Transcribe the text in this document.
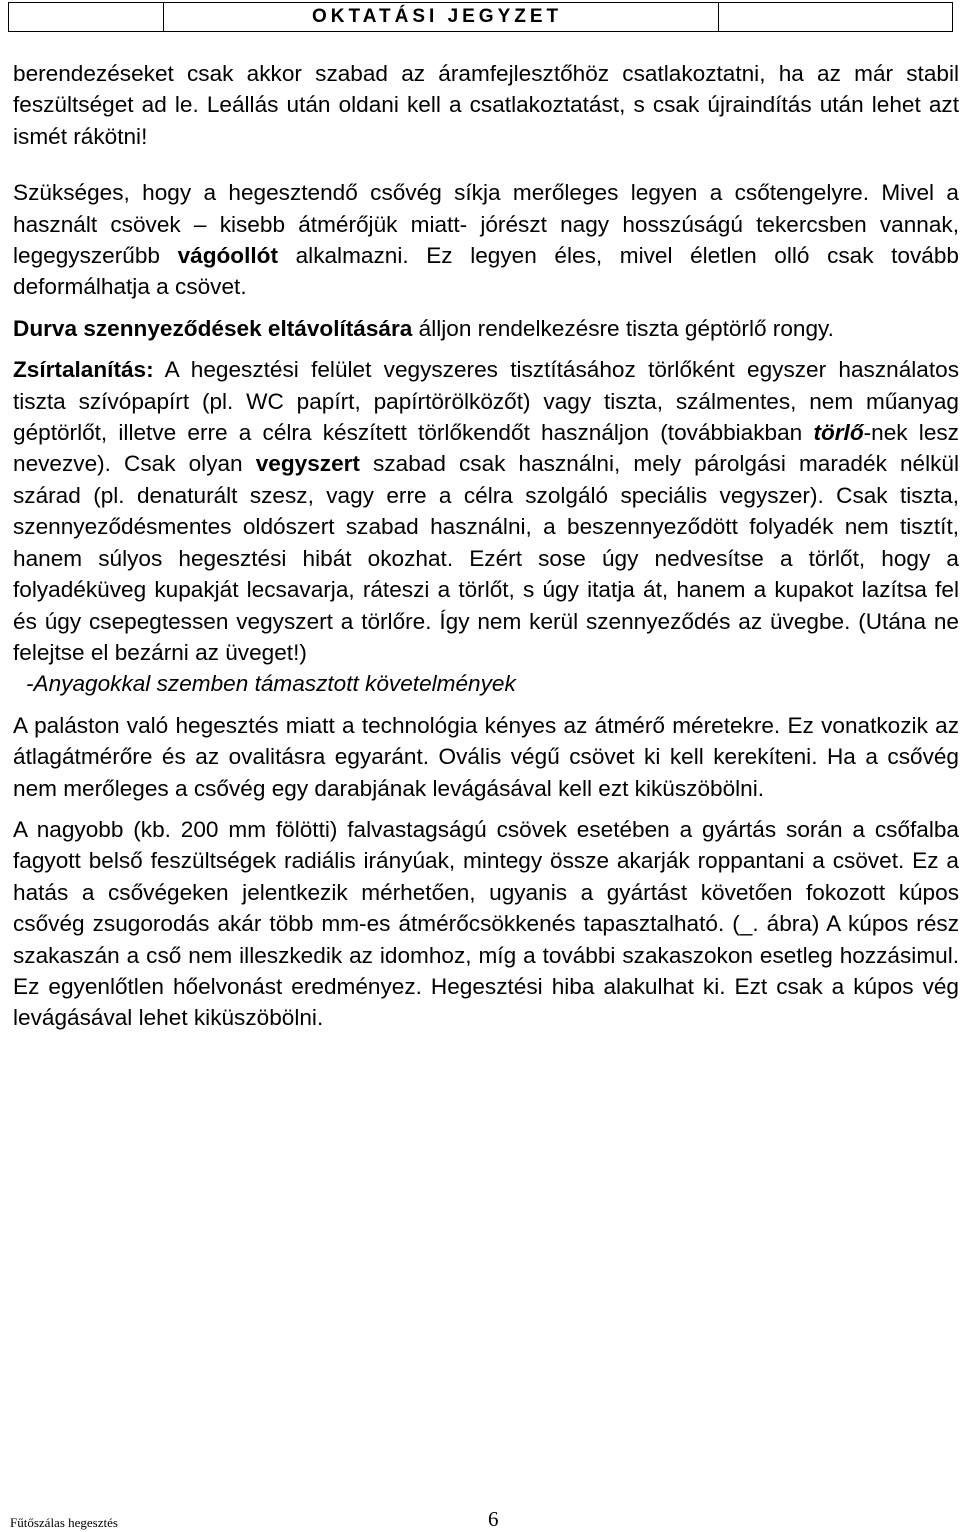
OKTATÁSI JEGYZET

berendezéseket csak akkor szabad az áramfejlesztőhöz csatlakoztatni, ha az már stabil feszültséget ad le. Leállás után oldani kell a csatlakoztatást, s csak újraindítás után lehet azt ismét rákötni!

Szükséges, hogy a hegesztendő csővég síkja merőleges legyen a csőtengelyre. Mivel a használt csövek – kisebb átmérőjük miatt- jórészt nagy hosszúságú tekercsben vannak, legegyszerűbb vágóollót alkalmazni. Ez legyen éles, mivel életlen olló csak tovább deformálhatja a csövet.

Durva szennyeződések eltávolítására álljon rendelkezésre tiszta géptörlő rongy.

Zsírtalanítás: A hegesztési felület vegyszeres tisztításához törlőként egyszer használatos tiszta szívópapírt (pl. WC papírt, papírtörölközőt) vagy tiszta, szálmentes, nem műanyag géptörlőt, illetve erre a célra készített törlőkendőt használjon (továbbiakban törlő-nek lesz nevezve). Csak olyan vegyszert szabad csak használni, mely párolgási maradék nélkül szárad (pl. denaturált szesz, vagy erre a célra szolgáló speciális vegyszer). Csak tiszta, szennyeződésmentes oldószert szabad használni, a beszennyeződött folyadék nem tisztít, hanem súlyos hegesztési hibát okozhat. Ezért sose úgy nedvesítse a törlőt, hogy a folyadéküveg kupakját lecsavarja, ráteszi a törlőt, s úgy itatja át, hanem a kupakot lazítsa fel és úgy csepegtessen vegyszert a törlőre. Így nem kerül szennyeződés az üvegbe. (Utána ne felejtse el bezárni az üveget!)

-Anyagokkal szemben támasztott követelmények

A paláston való hegesztés miatt a technológia kényes az átmérő méretekre. Ez vonatkozik az átlagátmérőre és az ovalitásra egyaránt. Ovális végű csövet ki kell kerekíteni. Ha a csővég nem merőleges a csővég egy darabjának levágásával kell ezt kiküszöbölni.

A nagyobb (kb. 200 mm fölötti) falvastagságú csövek esetében a gyártás során a csőfalba fagyott belső feszültségek radiális irányúak, mintegy össze akarják roppantani a csövet. Ez a hatás a csővégeken jelentkezik mérhetően, ugyanis a gyártást követően fokozott kúpos csővég zsugorodás akár több mm-es átmérőcsökkenés tapasztalható. (_. ábra) A kúpos rész szakaszán a cső nem illeszkedik az idomhoz, míg a további szakaszokon esetleg hozzásimul. Ez egyenlőtlen hőelvonást eredményez. Hegesztési hiba alakulhat ki. Ezt csak a kúpos vég levágásával lehet kiküszöbölni.

Fűtőszálas hegesztés	6
